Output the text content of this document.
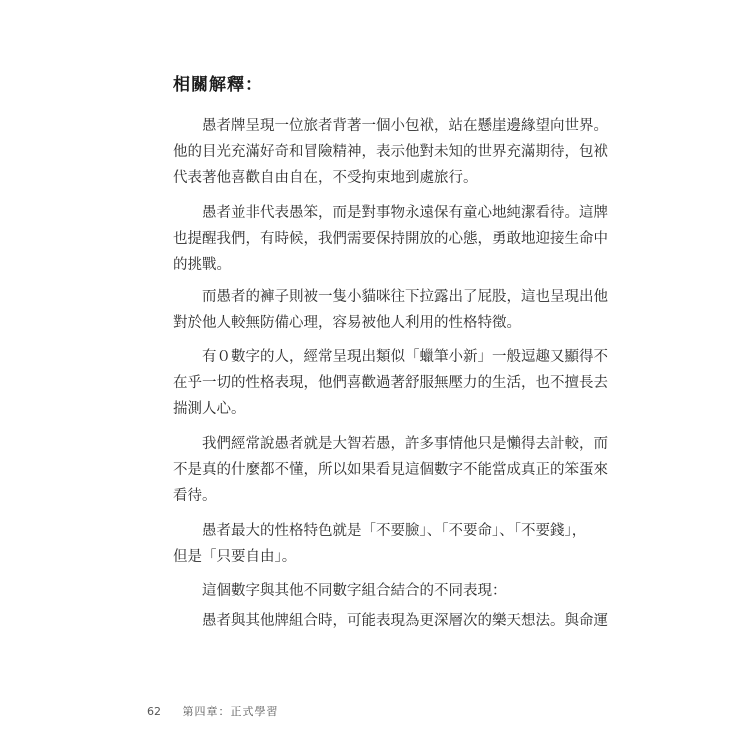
相關解釋：

愚者牌呈現一位旅者背著一個小包袱，站在懸崖邊緣望向世界。
他的目光充滿好奇和冒險精神，表示他對未知的世界充滿期待，包袱
代表著他喜歡自由自在，不受拘束地到處旅行。

愚者並非代表愚笨，而是對事物永遠保有童心地純潔看待。這牌
也提醒我們，有時候，我們需要保持開放的心態，勇敢地迎接生命中
的挑戰。

而愚者的褲子則被一隻小貓咪往下拉露出了屁股，這也呈現出他
對於他人較無防備心理，容易被他人利用的性格特徵。

有０數字的人，經常呈現出類似「蠟筆小新」一般逗趣又顯得不
在乎一切的性格表現，他們喜歡過著舒服無壓力的生活，也不擅長去
揣測人心。

我們經常說愚者就是大智若愚，許多事情他只是懶得去計較，而
不是真的什麼都不懂，所以如果看見這個數字不能當成真正的笨蛋來
看待。

愚者最大的性格特色就是「不要臉」、「不要命」、「不要錢」，
但是「只要自由」。

這個數字與其他不同數字組合結合的不同表現：

愚者與其他牌組合時，可能表現為更深層次的樂天想法。與命運

62 第四章：正式學習
